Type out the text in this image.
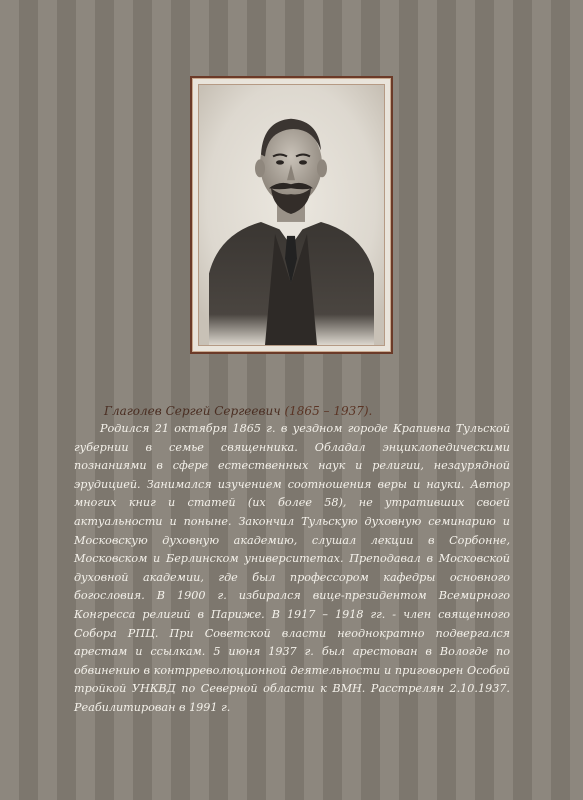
Глаголев Сергей Сергеевич (1865 – 1937).

Родился 21 октября 1865 г. в уездном городе Крапивна Тульской губернии в семье священника. Обладал энциклопедическими познаниями в сфере естественных наук и религии, незаурядной эрудицией. Занимался изучением соотношения веры и науки. Автор многих книг и статей (их более 58), не утративших своей актуальности и поныне. Закончил Тульскую духовную семинарию и Московскую духовную академию, слушал лекции в Сорбонне, Московском и Берлинском университетах. Преподавал в Московской духовной академии, где был профессором кафедры основного богословия. В 1900 г. избирался вице-президентом Всемирного Конгресса религий в Париже. В 1917 – 1918 гг. - член священного Собора РПЦ. При Советской власти неоднократно подвергался арестам и ссылкам. 5 июня 1937 г. был арестован в Вологде по обвинению в контрреволюционной деятельности и приговорен Особой тройкой УНКВД по Северной области к ВМН. Расстрелян 2.10.1937. Реабилитирован в 1991 г.
